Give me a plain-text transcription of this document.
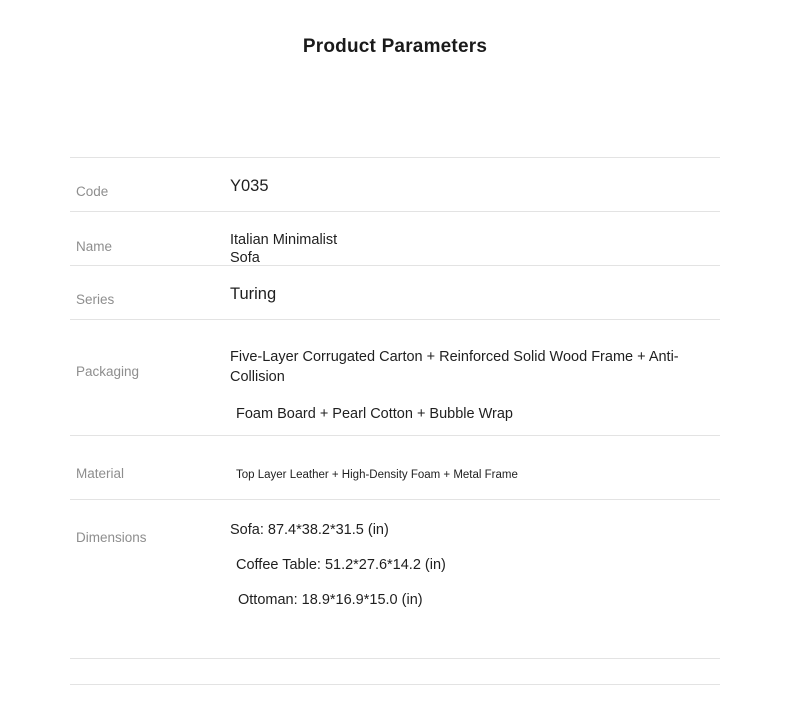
Product Parameters
Code	Y035
Name	Italian Minimalist
Sofa
Series	Turing
Packaging
Five-Layer Corrugated Carton + Reinforced Solid Wood Frame + Anti-Collision
Foam Board + Pearl Cotton + Bubble Wrap
Material	Top Layer Leather + High-Density Foam + Metal Frame
Dimensions	Sofa: 87.4*38.2*31.5 (in)
Coffee Table: 51.2*27.6*14.2 (in)
Ottoman: 18.9*16.9*15.0 (in)
